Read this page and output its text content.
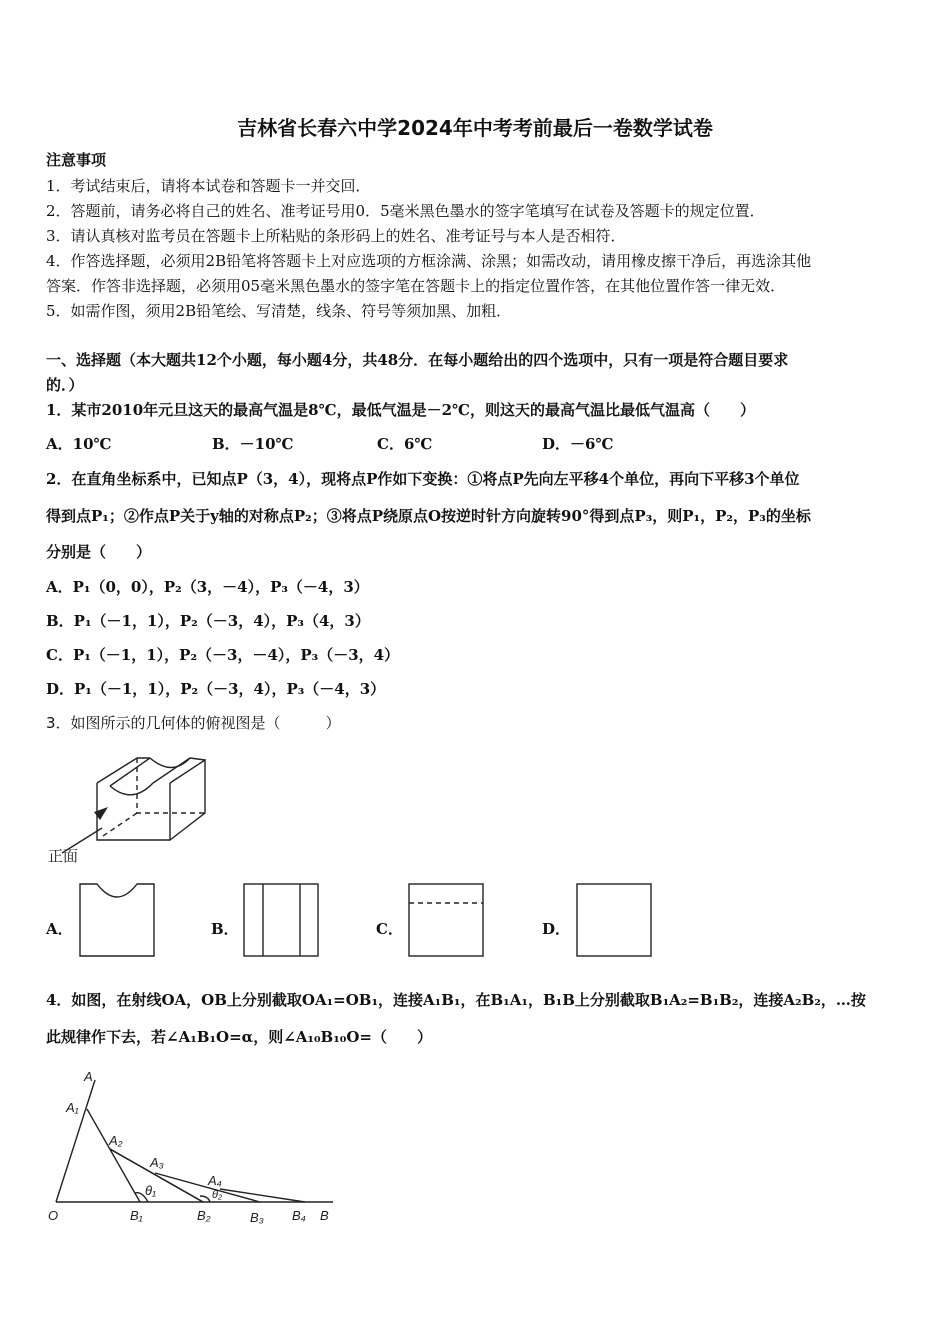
吉林省长春六中学2024年中考考前最后一卷数学试卷
注意事项
1．考试结束后，请将本试卷和答题卡一并交回．
2．答题前，请务必将自己的姓名、准考证号用0．5毫米黑色墨水的签字笔填写在试卷及答题卡的规定位置．
3．请认真核对监考员在答题卡上所粘贴的条形码上的姓名、准考证号与本人是否相符．
4．作答选择题，必须用2B铅笔将答题卡上对应选项的方框涂满、涂黑；如需改动，请用橡皮擦干净后，再选涂其他
答案．作答非选择题，必须用05毫米黑色墨水的签字笔在答题卡上的指定位置作答，在其他位置作答一律无效．
5．如需作图，须用2B铅笔绘、写清楚，线条、符号等须加黑、加粗．
一、选择题（本大题共12个小题，每小题4分，共48分．在每小题给出的四个选项中，只有一项是符合题目要求
的．）
1．某市2010年元旦这天的最高气温是8℃，最低气温是－2℃，则这天的最高气温比最低气温高（　　）
A．10℃	B．－10℃	C．6℃	D．－6℃
2．在直角坐标系中，已知点P（3，4），现将点P作如下变换：①将点P先向左平移4个单位，再向下平移3个单位
得到点P₁；②作点P关于y轴的对称点P₂；③将点P绕原点O按逆时针方向旋转90°得到点P₃，则P₁，P₂，P₃的坐标
分别是（　　）
A．P₁（0，0），P₂（3，－4），P₃（－4，3）
B．P₁（－1，1），P₂（－3，4），P₃（4，3）
C．P₁（－1，1），P₂（－3，－4），P₃（－3，4）
D．P₁（－1，1），P₂（－3，4），P₃（－4，3）
3．如图所示的几何体的俯视图是（　　　）
正面
A．	B．	C．	D．
4．如图，在射线OA，OB上分别截取OA₁=OB₁，连接A₁B₁，在B₁A₁，B₁B上分别截取B₁A₂=B₁B₂，连接A₂B₂，…按
此规律作下去，若∠A₁B₁O=α，则∠A₁₀B₁₀O=（　　）
A
A₁
A₂
A₃
A₄
O	B₁	B₂	B₃ B₄ B
θ₁	θ₂
